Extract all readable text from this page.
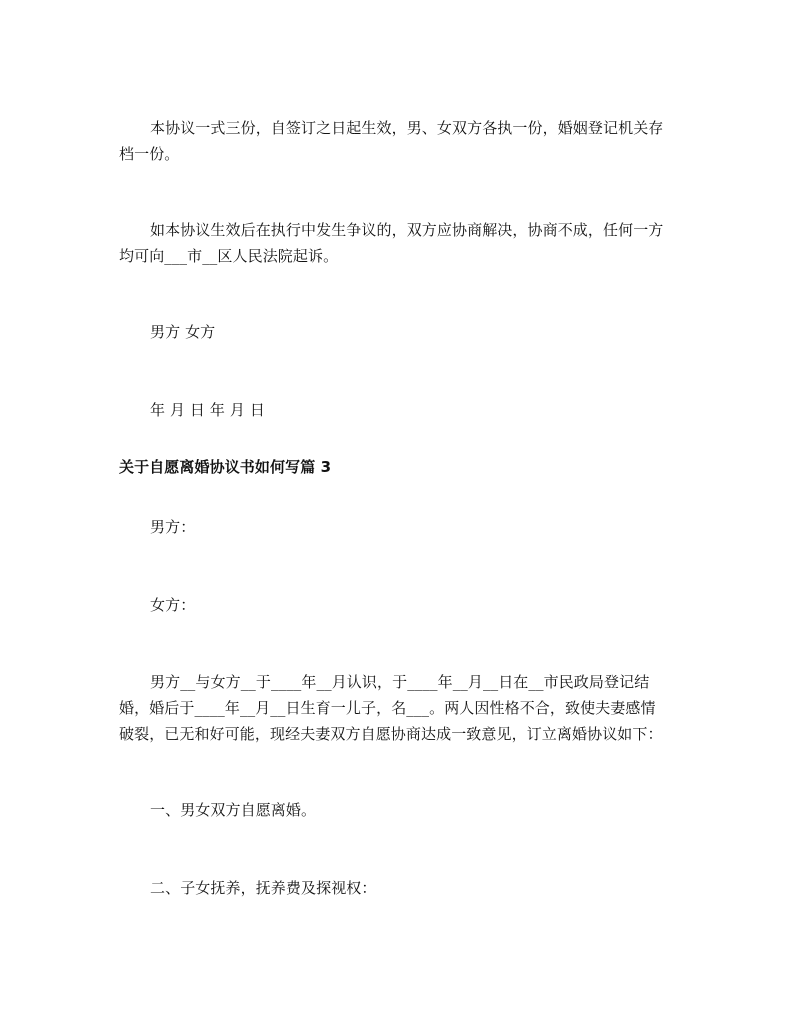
本协议一式三份，自签订之日起生效，男、女双方各执一份，婚姻登记机关存
档一份。
如本协议生效后在执行中发生争议的，双方应协商解决，协商不成，任何一方
均可向___市__区人民法院起诉。
男方 女方
年 月 日 年 月 日
关于自愿离婚协议书如何写篇 3
男方：
女方：
男方__与女方__于____年__月认识，于____年__月__日在__市民政局登记结
婚，婚后于____年__月__日生育一儿子，名___。两人因性格不合，致使夫妻感情
破裂，已无和好可能，现经夫妻双方自愿协商达成一致意见，订立离婚协议如下：
一、男女双方自愿离婚。
二、子女抚养，抚养费及探视权：
